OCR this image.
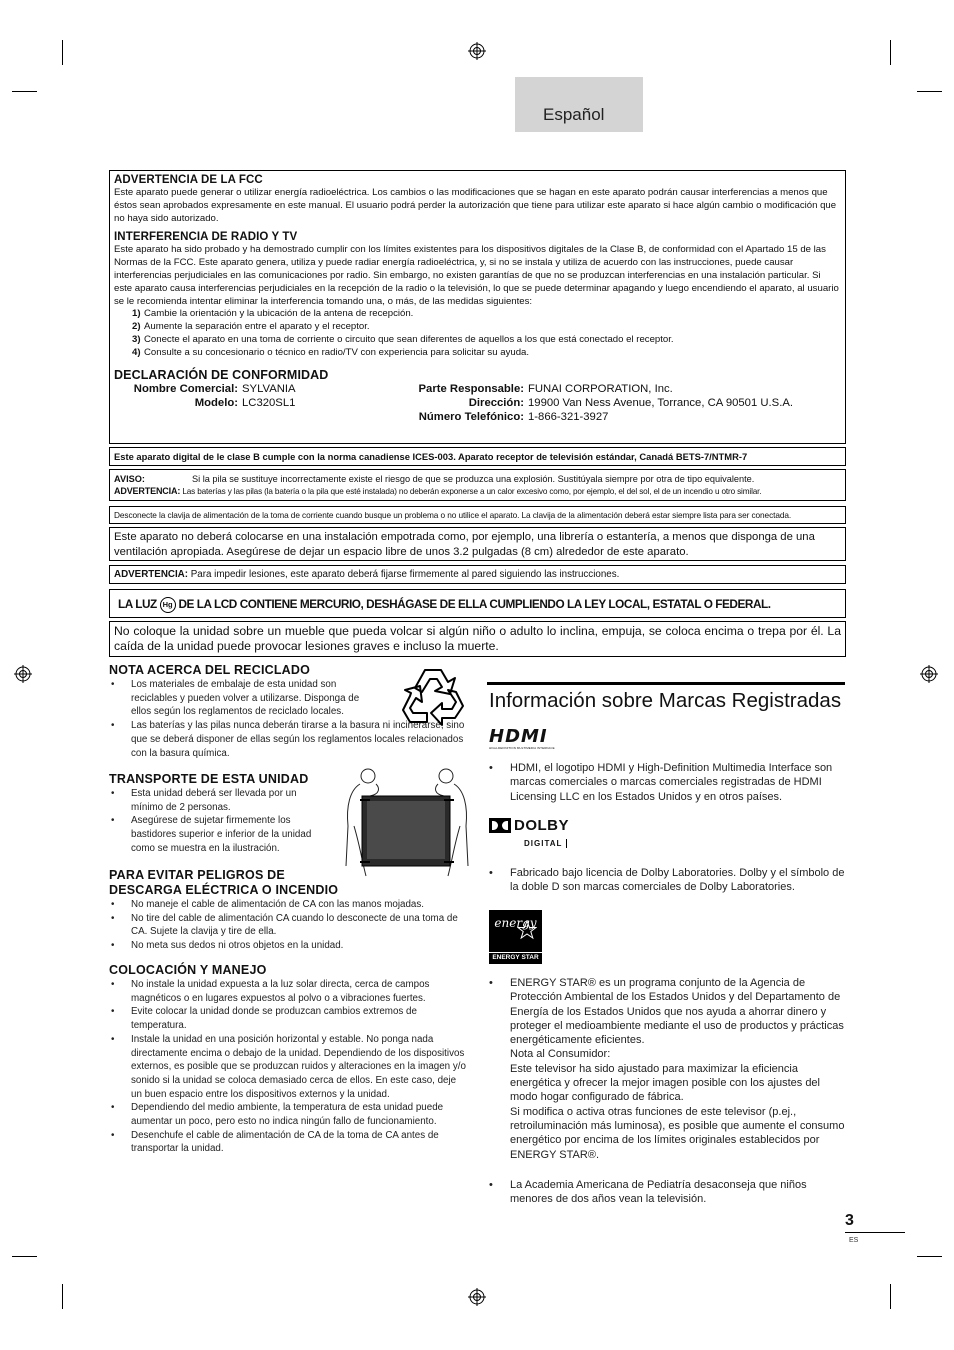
Español

ADVERTENCIA DE LA FCC

Este aparato puede generar o utilizar energía radioeléctrica. Los cambios o las modificaciones que se hagan en este aparato podrán causar interferencias a menos que éstos sean aprobados expresamente en este manual. El usuario podrá perder la autorización que tiene para utilizar este aparato si hace algún cambio o modificación que no haya sido autorizado.

INTERFERENCIA DE RADIO Y TV

Este aparato ha sido probado y ha demostrado cumplir con los límites existentes para los dispositivos digitales de la Clase B, de conformidad con el Apartado 15 de las Normas de la FCC. Este aparato genera, utiliza y puede radiar energía radioeléctrica, y, si no se instala y utiliza de acuerdo con las instrucciones, puede causar interferencias perjudiciales en las comunicaciones por radio. Sin embargo, no existen garantías de que no se produzcan interferencias en una instalación particular. Si este aparato causa interferencias perjudiciales en la recepción de la radio o la televisión, lo que se puede determinar apagando y luego encendiendo el aparato, al usuario se le recomienda intentar eliminar la interferencia tomando una, o más, de las medidas siguientes:

1) Cambie la orientación y la ubicación de la antena de recepción.

2) Aumente la separación entre el aparato y el receptor.

3) Conecte el aparato en una toma de corriente o circuito que sean diferentes de aquellos a los que está conectado el receptor.

4) Consulte a su concesionario o técnico en radio/TV con experiencia para solicitar su ayuda.

DECLARACIÓN DE CONFORMIDAD

Nombre Comercial:
Modelo:
SYLVANIA
LC320SL1
Parte Responsable:
Dirección:
Número Telefónico:
FUNAI CORPORATION, Inc.
19900 Van Ness Avenue, Torrance, CA 90501 U.S.A.
1-866-321-3927
Este aparato digital de le clase B cumple con la norma canadiense ICES-003. Aparato receptor de televisión estándar, Canadá BETS-7/NTMR-7
AVISO:	Si la pila se sustituye incorrectamente existe el riesgo de que se produzca una explosión. Sustitúyala siempre por otra de tipo equivalente.
ADVERTENCIA: Las baterías y las pilas (la batería o la pila que esté instalada) no deberán exponerse a un calor excesivo como, por ejemplo, el del sol, el de un incendio u otro similar.
Desconecte la clavija de alimentación de la toma de corriente cuando busque un problema o no utilice el aparato. La clavija de la alimentación deberá estar siempre lista para ser conectada.
Este aparato no deberá colocarse en una instalación empotrada como, por ejemplo, una librería o estantería, a menos que disponga de una ventilación apropiada. Asegúrese de dejar un espacio libre de unos 3.2 pulgadas (8 cm) alrededor de este aparato.
ADVERTENCIA: Para impedir lesiones, este aparato deberá fijarse firmemente al pared siguiendo las instrucciones.
LA LUZ Hg DE LA LCD CONTIENE MERCURIO, DESHÁGASE DE ELLA CUMPLIENDO LA LEY LOCAL, ESTATAL O FEDERAL.
No coloque la unidad sobre un mueble que pueda volcar si algún niño o adulto lo inclina, empuja, se coloca encima o trepa por él. La caída de la unidad puede provocar lesiones graves e incluso la muerte.

NOTA ACERCA DEL RECICLADO

• Los materiales de embalaje de esta unidad son reciclables y pueden volver a utilizarse. Disponga de ellos según los reglamentos de reciclado locales.

• Las baterías y las pilas nunca deberán tirarse a la basura ni incinerarse, sino que se deberá disponer de ellas según los reglamentos locales relacionados con la basura química.

TRANSPORTE DE ESTA UNIDAD

• Esta unidad deberá ser llevada por un mínimo de 2 personas.

• Asegúrese de sujetar firmemente los bastidores superior e inferior de la unidad como se muestra en la ilustración.

PARA EVITAR PELIGROS DE

DESCARGA ELÉCTRICA O INCENDIO

• No maneje el cable de alimentación de CA con las manos mojadas.

• No tire del cable de alimentación CA cuando lo desconecte de una toma de CA. Sujete la clavija y tire de ella.

• No meta sus dedos ni otros objetos en la unidad.

COLOCACIÓN Y MANEJO

• No instale la unidad expuesta a la luz solar directa, cerca de campos magnéticos o en lugares expuestos al polvo o a vibraciones fuertes.

• Evite colocar la unidad donde se produzcan cambios extremos de temperatura.

• Instale la unidad en una posición horizontal y estable. No ponga nada directamente encima o debajo de la unidad. Dependiendo de los dispositivos externos, es posible que se produzcan ruidos y alteraciones en la imagen y/o sonido si la unidad se coloca demasiado cerca de ellos. En este caso, deje un buen espacio entre los dispositivos externos y la unidad.

• Dependiendo del medio ambiente, la temperatura de esta unidad puede aumentar un poco, pero esto no indica ningún fallo de funcionamiento.

• Desenchufe el cable de alimentación de CA de la toma de CA antes de transportar la unidad.

Información sobre Marcas Registradas
HDMI
HIGH-DEFINITION MULTIMEDIA INTERFACE

• HDMI, el logotipo HDMI y High-Definition Multimedia Interface son marcas comerciales o marcas comerciales registradas de HDMI Licensing LLC en los Estados Unidos y en otros países.

DOLBY
DIGITAL

• Fabricado bajo licencia de Dolby Laboratories. Dolby y el símbolo de la doble D son marcas comerciales de Dolby Laboratories.

energy
ENERGY STAR

• ENERGY STAR® es un programa conjunto de la Agencia de Protección Ambiental de los Estados Unidos y del Departamento de Energía de los Estados Unidos que nos ayuda a ahorrar dinero y proteger el medioambiente mediante el uso de productos y prácticas energéticamente eficientes.

Nota al Consumidor:

Este televisor ha sido ajustado para maximizar la eficiencia energética y ofrecer la mejor imagen posible con los ajustes del modo hogar configurado de fábrica.

Si modifica o activa otras funciones de este televisor (p.ej., retroiluminación más luminosa), es posible que aumente el consumo energético por encima de los límites originales establecidos por ENERGY STAR®.

• La Academia Americana de Pediatría desaconseja que niños menores de dos años vean la televisión.

3
ES
